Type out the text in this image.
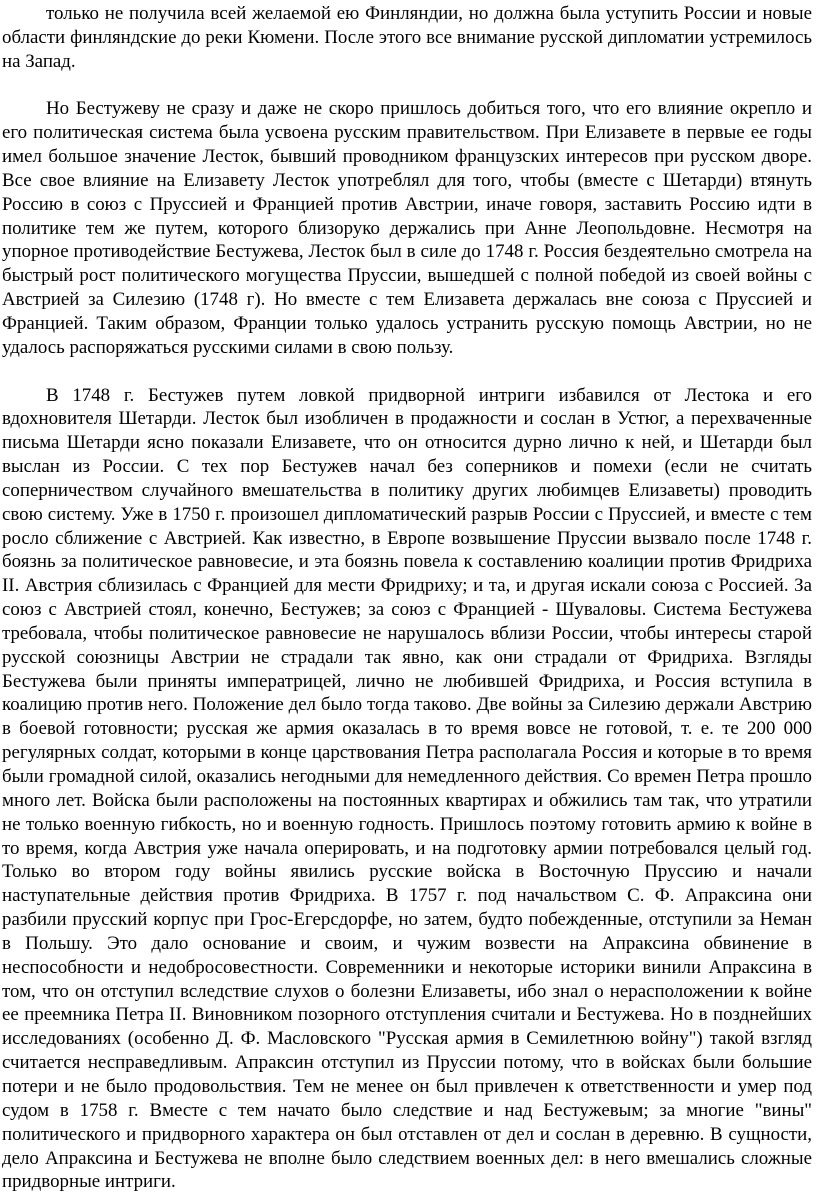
только не получила всей желаемой ею Финляндии, но должна была уступить России и новые области финляндские до реки Кюмени. После этого все внимание русской дипломатии устремилось на Запад.

Но Бестужеву не сразу и даже не скоро пришлось добиться того, что его влияние окрепло и его политическая система была усвоена русским правительством. При Елизавете в первые ее годы имел большое значение Лесток, бывший проводником французских интересов при русском дворе. Все свое влияние на Елизавету Лесток употреблял для того, чтобы (вместе с Шетарди) втянуть Россию в союз с Пруссией и Францией против Австрии, иначе говоря, заставить Россию идти в политике тем же путем, которого близоруко держались при Анне Леопольдовне. Несмотря на упорное противодействие Бестужева, Лесток был в силе до 1748 г. Россия бездеятельно смотрела на быстрый рост политического могущества Пруссии, вышедшей с полной победой из своей войны с Австрией за Силезию (1748 г). Но вместе с тем Елизавета держалась вне союза с Пруссией и Францией. Таким образом, Франции только удалось устранить русскую помощь Австрии, но не удалось распоряжаться русскими силами в свою пользу.

В 1748 г. Бестужев путем ловкой придворной интриги избавился от Лестока и его вдохновителя Шетарди. Лесток был изобличен в продажности и сослан в Устюг, а перехваченные письма Шетарди ясно показали Елизавете, что он относится дурно лично к ней, и Шетарди был выслан из России. С тех пор Бестужев начал без соперников и помехи (если не считать соперничеством случайного вмешательства в политику других любимцев Елизаветы) проводить свою систему. Уже в 1750 г. произошел дипломатический разрыв России с Пруссией, и вместе с тем росло сближение с Австрией. Как известно, в Европе возвышение Пруссии вызвало после 1748 г. боязнь за политическое равновесие, и эта боязнь повела к составлению коалиции против Фридриха II. Австрия сблизилась с Францией для мести Фридриху; и та, и другая искали союза с Россией. За союз с Австрией стоял, конечно, Бестужев; за союз с Францией - Шуваловы. Система Бестужева требовала, чтобы политическое равновесие не нарушалось вблизи России, чтобы интересы старой русской союзницы Австрии не страдали так явно, как они страдали от Фридриха. Взгляды Бестужева были приняты императрицей, лично не любившей Фридриха, и Россия вступила в коалицию против него. Положение дел было тогда таково. Две войны за Силезию держали Австрию в боевой готовности; русская же армия оказалась в то время вовсе не готовой, т. е. те 200 000 регулярных солдат, которыми в конце царствования Петра располагала Россия и которые в то время были громадной силой, оказались негодными для немедленного действия. Со времен Петра прошло много лет. Войска были расположены на постоянных квартирах и обжились там так, что утратили не только военную гибкость, но и военную годность. Пришлось поэтому готовить армию к войне в то время, когда Австрия уже начала оперировать, и на подготовку армии потребовался целый год. Только во втором году войны явились русские войска в Восточную Пруссию и начали наступательные действия против Фридриха. В 1757 г. под начальством С. Ф. Апраксина они разбили прусский корпус при Грос-Егерсдорфе, но затем, будто побежденные, отступили за Неман в Польшу. Это дало основание и своим, и чужим возвести на Апраксина обвинение в неспособности и недобросовестности. Современники и некоторые историки винили Апраксина в том, что он отступил вследствие слухов о болезни Елизаветы, ибо знал о нерасположении к войне ее преемника Петра II. Виновником позорного отступления считали и Бестужева. Но в позднейших исследованиях (особенно Д. Ф. Масловского "Русская армия в Семилетнюю войну") такой взгляд считается несправедливым. Апраксин отступил из Пруссии потому, что в войсках были большие потери и не было продовольствия. Тем не менее он был привлечен к ответственности и умер под судом в 1758 г. Вместе с тем начато было следствие и над Бестужевым; за многие "вины" политического и придворного характера он был отставлен от дел и сослан в деревню. В сущности, дело Апраксина и Бестужева не вполне было следствием военных дел: в него вмешались сложные придворные интриги.
